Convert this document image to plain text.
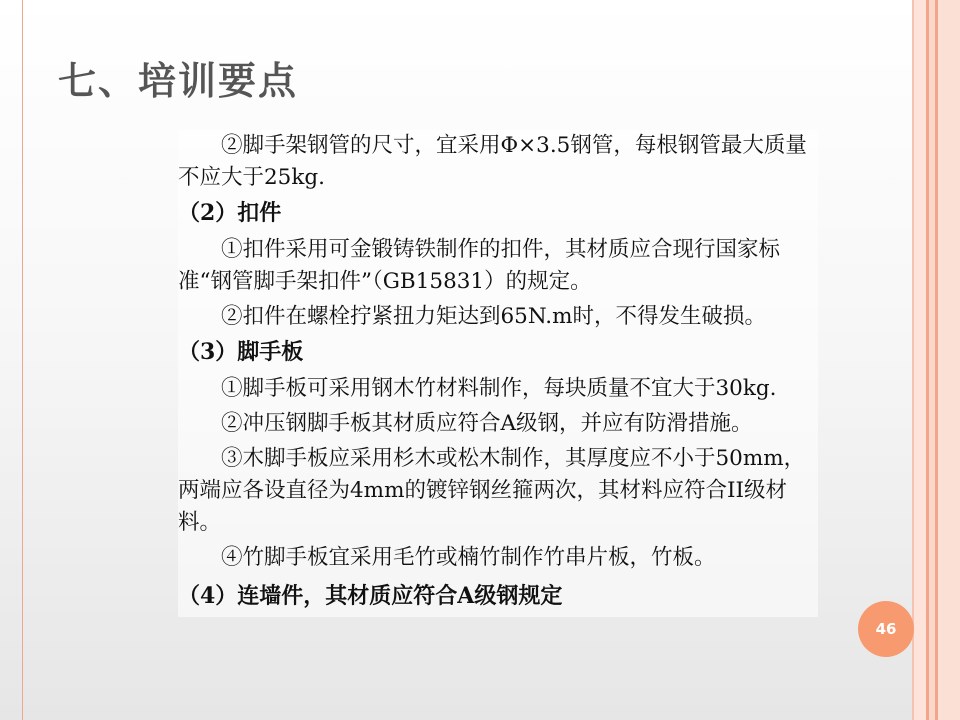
七、培训要点

②脚手架钢管的尺寸，宜采用Φ×3.5钢管，每根钢管最大质量不应大于25kg.

（2）扣件

①扣件采用可金锻铸铁制作的扣件，其材质应合现行国家标准“钢管脚手架扣件”（GB15831）的规定。

②扣件在螺栓拧紧扭力矩达到65N.m时，不得发生破损。

（3）脚手板

①脚手板可采用钢木竹材料制作，每块质量不宜大于30kg.

②冲压钢脚手板其材质应符合A级钢，并应有防滑措施。

③木脚手板应采用杉木或松木制作，其厚度应不小于50mm，两端应各设直径为4mm的镀锌钢丝箍两次，其材料应符合II级材料。

④竹脚手板宜采用毛竹或楠竹制作竹串片板，竹板。

（4）连墙件，其材质应符合A级钢规定

46
